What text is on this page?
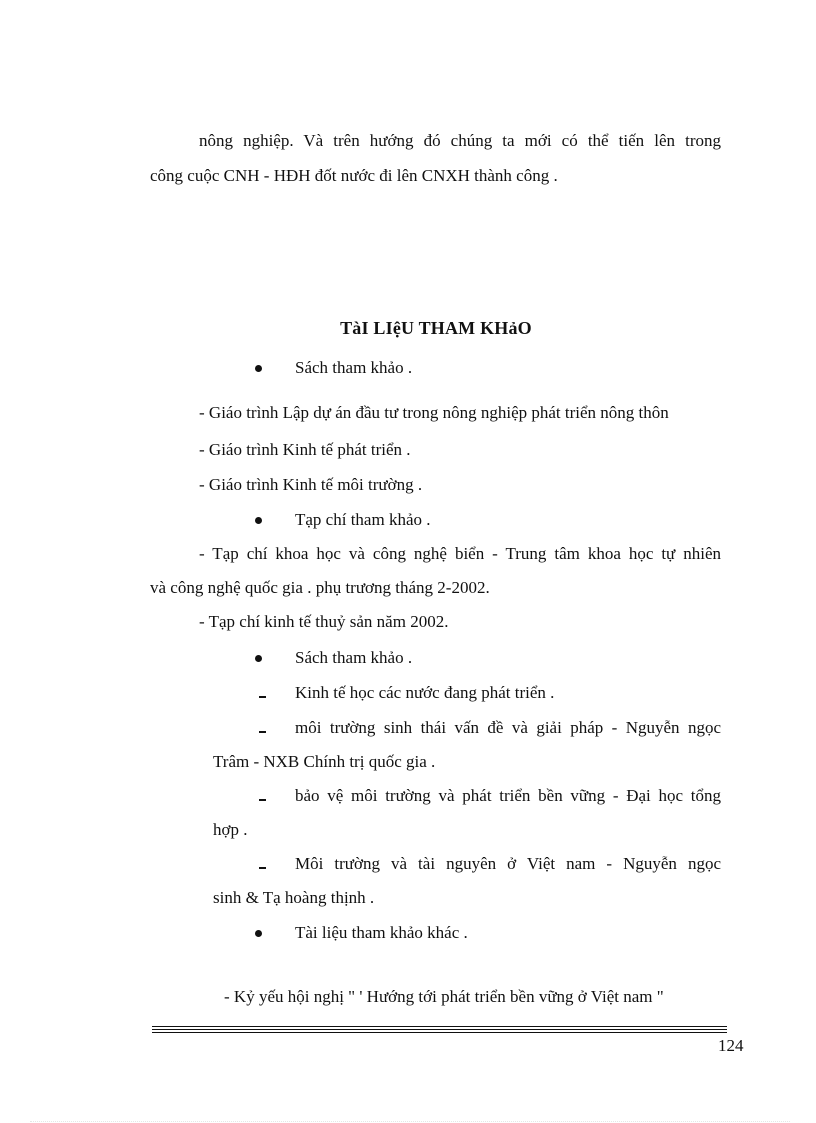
nông nghiệp. Và trên hướng đó chúng ta mới có thể tiến lên trong
công cuộc CNH - HĐH đốt nước đi lên CNXH thành công .
TàI LIệU THAM KHảO
Sách tham khảo .
- Giáo trình Lập dự án đầu tư trong nông nghiệp phát triển nông thôn
- Giáo trình Kinh tế phát triển .
- Giáo trình Kinh tế môi trường .
Tạp chí tham khảo .
- Tạp chí khoa học và công nghệ biển - Trung tâm khoa học tự nhiên
và công nghệ quốc gia . phụ trương tháng 2-2002.
- Tạp chí kinh tế thuỷ sản năm 2002.
Sách tham khảo .
Kinh tế học các nước đang phát triển .
môi trường sinh thái vấn đề và giải pháp - Nguyễn ngọc
Trâm - NXB Chính trị quốc gia .
bảo vệ môi trường và phát triển bền vững - Đại học tổng
hợp .
Môi trường và tài nguyên ở Việt nam - Nguyễn ngọc
sinh & Tạ hoàng thịnh .
Tài liệu tham khảo khác .
- Kỷ yếu hội nghị " ' Hướng tới phát triển bền vững ở Việt nam "
124
